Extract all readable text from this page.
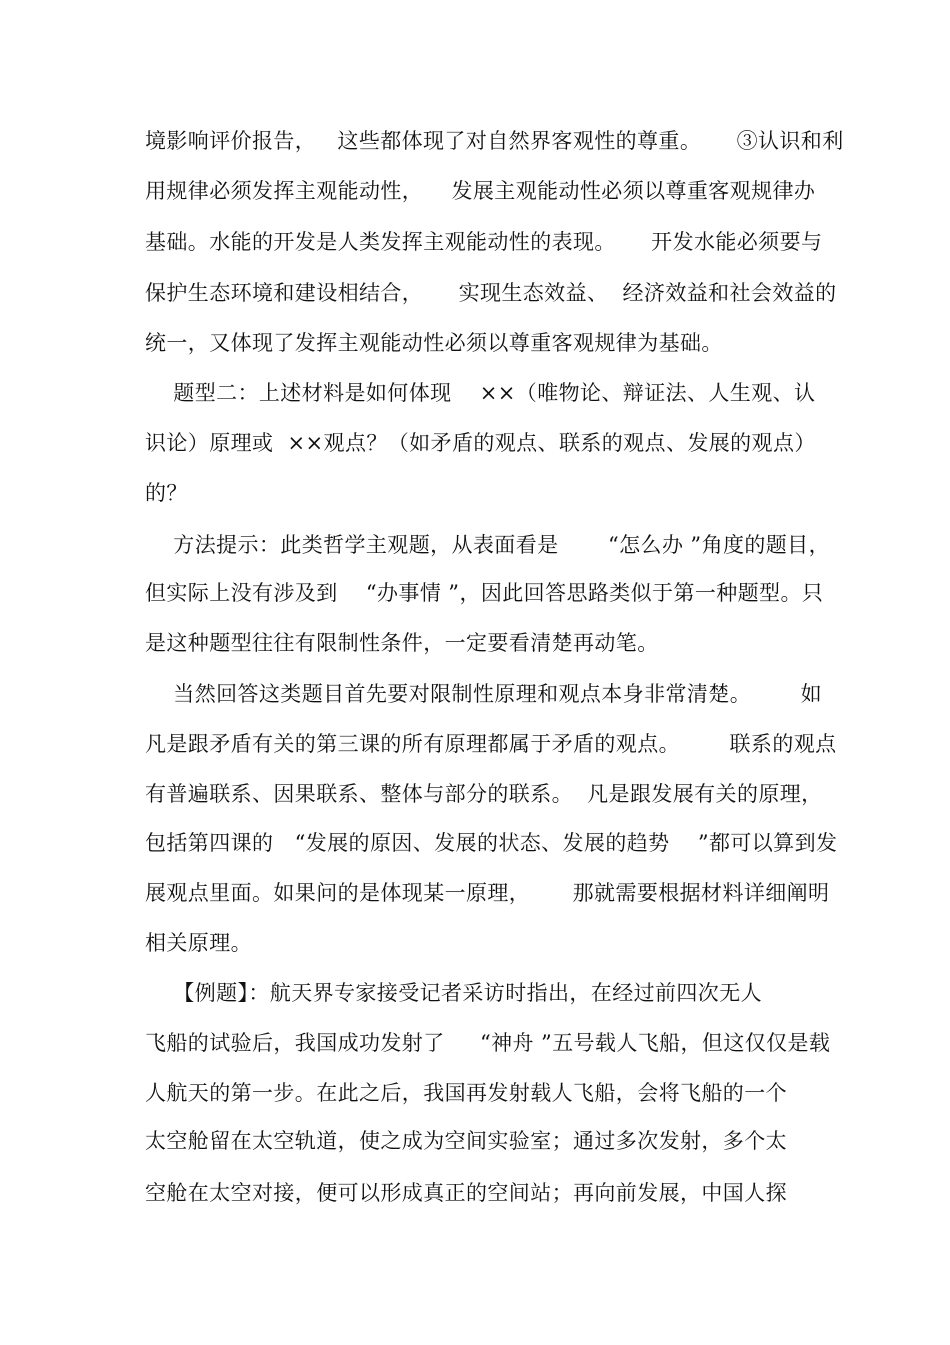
境影响评价报告，   这些都体现了对自然界客观性的尊重。     ③认识和利
用规律必须发挥主观能动性，    发展主观能动性必须以尊重客观规律办
基础。水能的开发是人类发挥主观能动性的表现。     开发水能必须要与
保护生态环境和建设相结合，     实现生态效益、  经济效益和社会效益的
统一，又体现了发挥主观能动性必须以尊重客观规律为基础。
题型二：上述材料是如何体现    ××（唯物论、辩证法、人生观、认
识论）原理或  ××观点？（如矛盾的观点、联系的观点、发展的观点）
的？
方法提示：此类哲学主观题，从表面看是       “怎么办 ”角度的题目，
但实际上没有涉及到    “办事情 ”，因此回答思路类似于第一种题型。只
是这种题型往往有限制性条件，一定要看清楚再动笔。
当然回答这类题目首先要对限制性原理和观点本身非常清楚。       如
凡是跟矛盾有关的第三课的所有原理都属于矛盾的观点。       联系的观点
有普遍联系、因果联系、整体与部分的联系。  凡是跟发展有关的原理，
包括第四课的   “发展的原因、发展的状态、发展的趋势    ”都可以算到发
展观点里面。如果问的是体现某一原理，      那就需要根据材料详细阐明
相关原理。
【例题】：航天界专家接受记者采访时指出，在经过前四次无人
飞船的试验后，我国成功发射了     “神舟 ”五号载人飞船，但这仅仅是载
人航天的第一步。在此之后，我国再发射载人飞船，会将飞船的一个
太空舱留在太空轨道，使之成为空间实验室；通过多次发射，多个太
空舱在太空对接，便可以形成真正的空间站；再向前发展，中国人探
